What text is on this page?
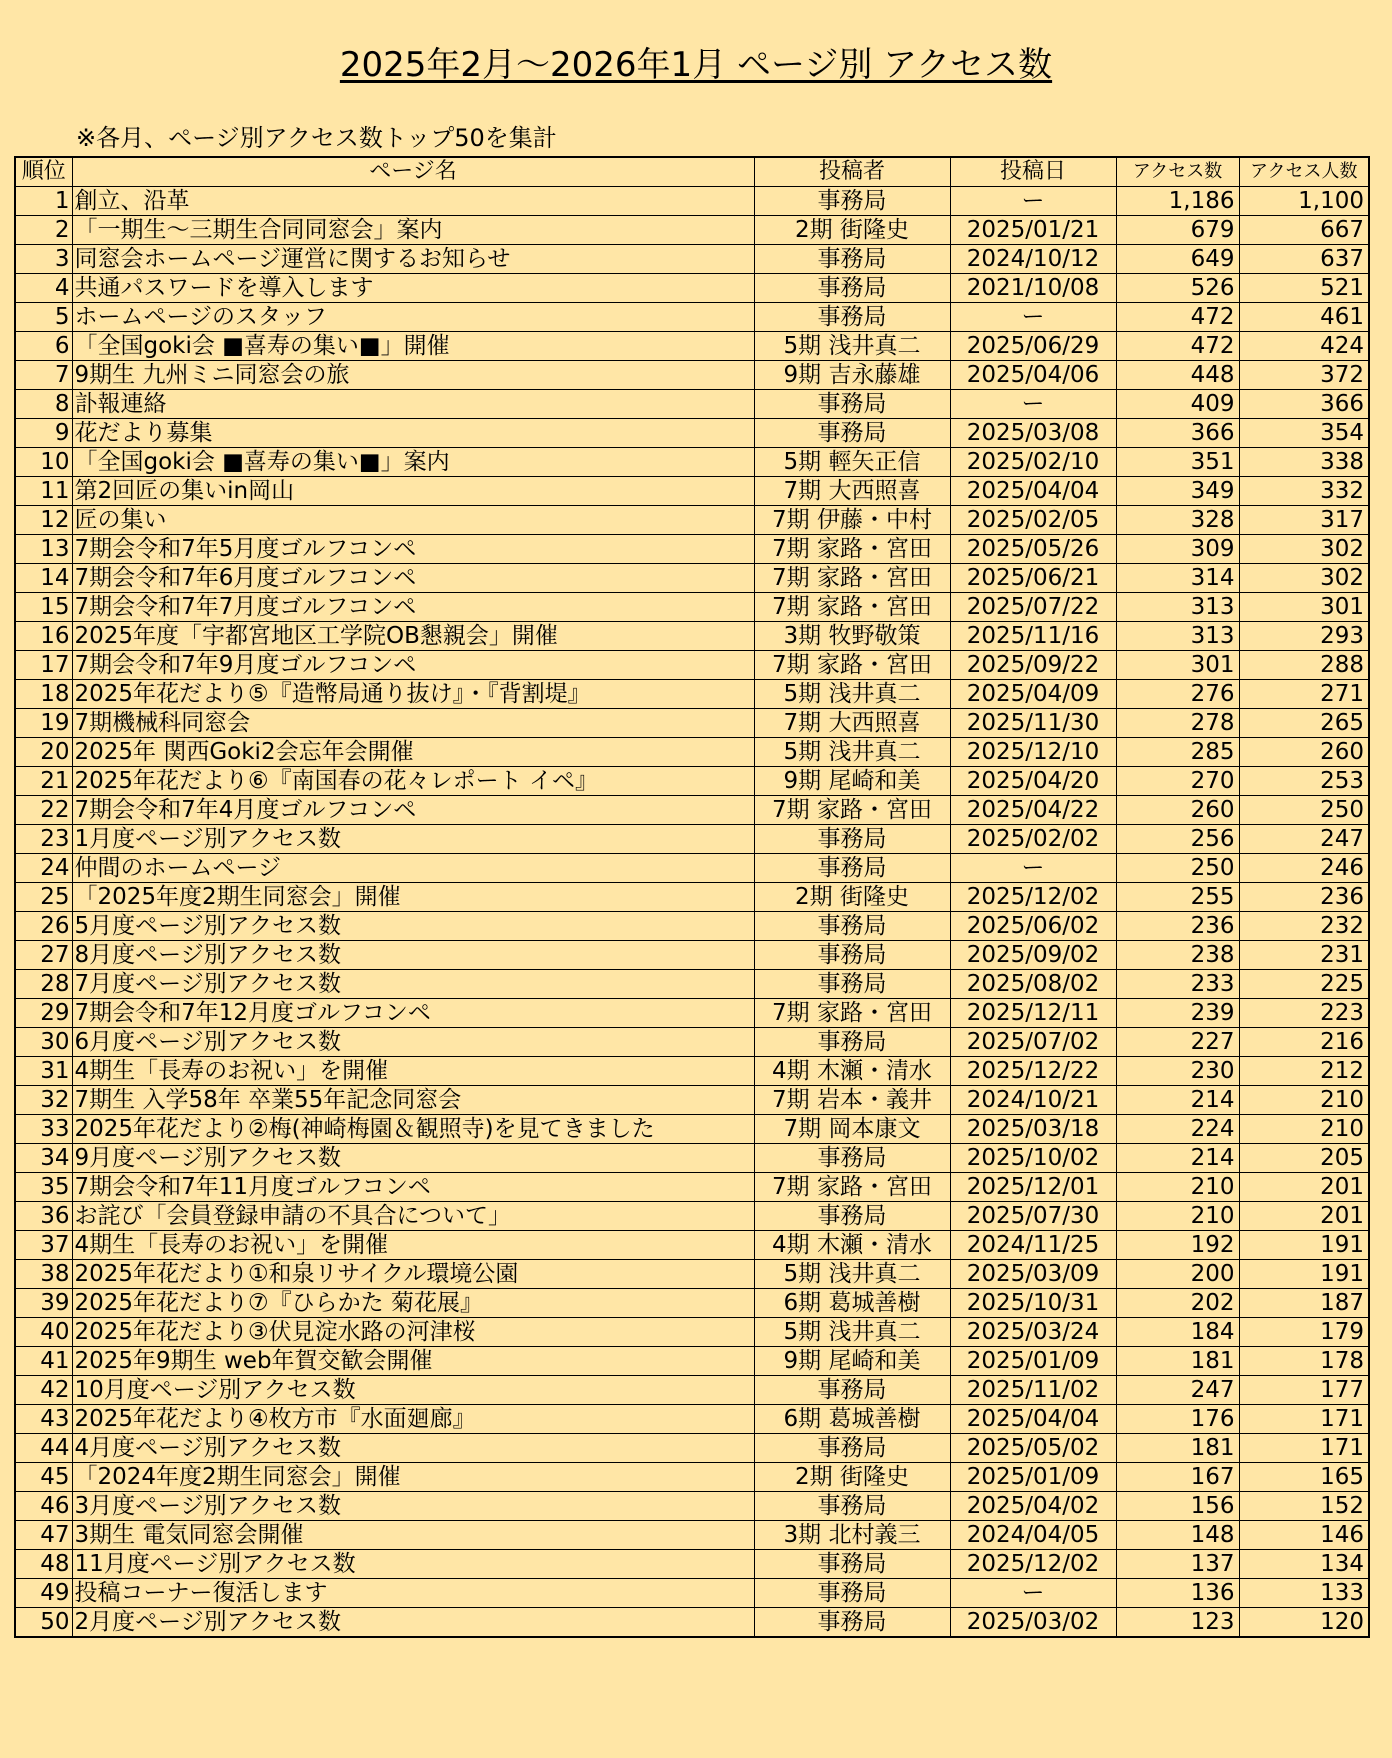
2025年2月～2026年1月 ページ別 アクセス数
※各月、ページ別アクセス数トップ50を集計
順位	ページ名	投稿者	投稿日	アクセス数	アクセス人数
1	創立、沿革	事務局	ー	1,186	1,100
2	「一期生～三期生合同同窓会」案内	2期 街隆史	2025/01/21	679	667
3	同窓会ホームページ運営に関するお知らせ	事務局	2024/10/12	649	637
4	共通パスワードを導入します	事務局	2021/10/08	526	521
5	ホームページのスタッフ	事務局	ー	472	461
6	「全国goki会 ■喜寿の集い■」開催	5期 浅井真二	2025/06/29	472	424
7	9期生 九州ミニ同窓会の旅	9期 吉永藤雄	2025/04/06	448	372
8	訃報連絡	事務局	ー	409	366
9	花だより募集	事務局	2025/03/08	366	354
10	「全国goki会 ■喜寿の集い■」案内	5期 輕矢正信	2025/02/10	351	338
11	第2回匠の集いin岡山	7期 大西照喜	2025/04/04	349	332
12	匠の集い	7期 伊藤・中村	2025/02/05	328	317
13	7期会令和7年5月度ゴルフコンペ	7期 家路・宮田	2025/05/26	309	302
14	7期会令和7年6月度ゴルフコンペ	7期 家路・宮田	2025/06/21	314	302
15	7期会令和7年7月度ゴルフコンペ	7期 家路・宮田	2025/07/22	313	301
16	2025年度「宇都宮地区工学院OB懇親会」開催	3期 牧野敬策	2025/11/16	313	293
17	7期会令和7年9月度ゴルフコンペ	7期 家路・宮田	2025/09/22	301	288
18	2025年花だより⑤『造幣局通り抜け』・『背割堤』	5期 浅井真二	2025/04/09	276	271
19	7期機械科同窓会	7期 大西照喜	2025/11/30	278	265
20	2025年 関西Goki2会忘年会開催	5期 浅井真二	2025/12/10	285	260
21	2025年花だより⑥『南国春の花々レポート イペ』	9期 尾崎和美	2025/04/20	270	253
22	7期会令和7年4月度ゴルフコンペ	7期 家路・宮田	2025/04/22	260	250
23	1月度ページ別アクセス数	事務局	2025/02/02	256	247
24	仲間のホームページ	事務局	ー	250	246
25	「2025年度2期生同窓会」開催	2期 街隆史	2025/12/02	255	236
26	5月度ページ別アクセス数	事務局	2025/06/02	236	232
27	8月度ページ別アクセス数	事務局	2025/09/02	238	231
28	7月度ページ別アクセス数	事務局	2025/08/02	233	225
29	7期会令和7年12月度ゴルフコンペ	7期 家路・宮田	2025/12/11	239	223
30	6月度ページ別アクセス数	事務局	2025/07/02	227	216
31	4期生「長寿のお祝い」を開催	4期 木瀬・清水	2025/12/22	230	212
32	7期生 入学58年 卒業55年記念同窓会	7期 岩本・義井	2024/10/21	214	210
33	2025年花だより②梅(神崎梅園＆観照寺)を見てきました	7期 岡本康文	2025/03/18	224	210
34	9月度ページ別アクセス数	事務局	2025/10/02	214	205
35	7期会令和7年11月度ゴルフコンペ	7期 家路・宮田	2025/12/01	210	201
36	お詫び「会員登録申請の不具合について」	事務局	2025/07/30	210	201
37	4期生「長寿のお祝い」を開催	4期 木瀬・清水	2024/11/25	192	191
38	2025年花だより①和泉リサイクル環境公園	5期 浅井真二	2025/03/09	200	191
39	2025年花だより⑦『ひらかた 菊花展』	6期 葛城善樹	2025/10/31	202	187
40	2025年花だより③伏見淀水路の河津桜	5期 浅井真二	2025/03/24	184	179
41	2025年9期生 web年賀交歓会開催	9期 尾崎和美	2025/01/09	181	178
42	10月度ページ別アクセス数	事務局	2025/11/02	247	177
43	2025年花だより④枚方市『水面廻廊』	6期 葛城善樹	2025/04/04	176	171
44	4月度ページ別アクセス数	事務局	2025/05/02	181	171
45	「2024年度2期生同窓会」開催	2期 街隆史	2025/01/09	167	165
46	3月度ページ別アクセス数	事務局	2025/04/02	156	152
47	3期生 電気同窓会開催	3期 北村義三	2024/04/05	148	146
48	11月度ページ別アクセス数	事務局	2025/12/02	137	134
49	投稿コーナー復活します	事務局	ー	136	133
50	2月度ページ別アクセス数	事務局	2025/03/02	123	120
